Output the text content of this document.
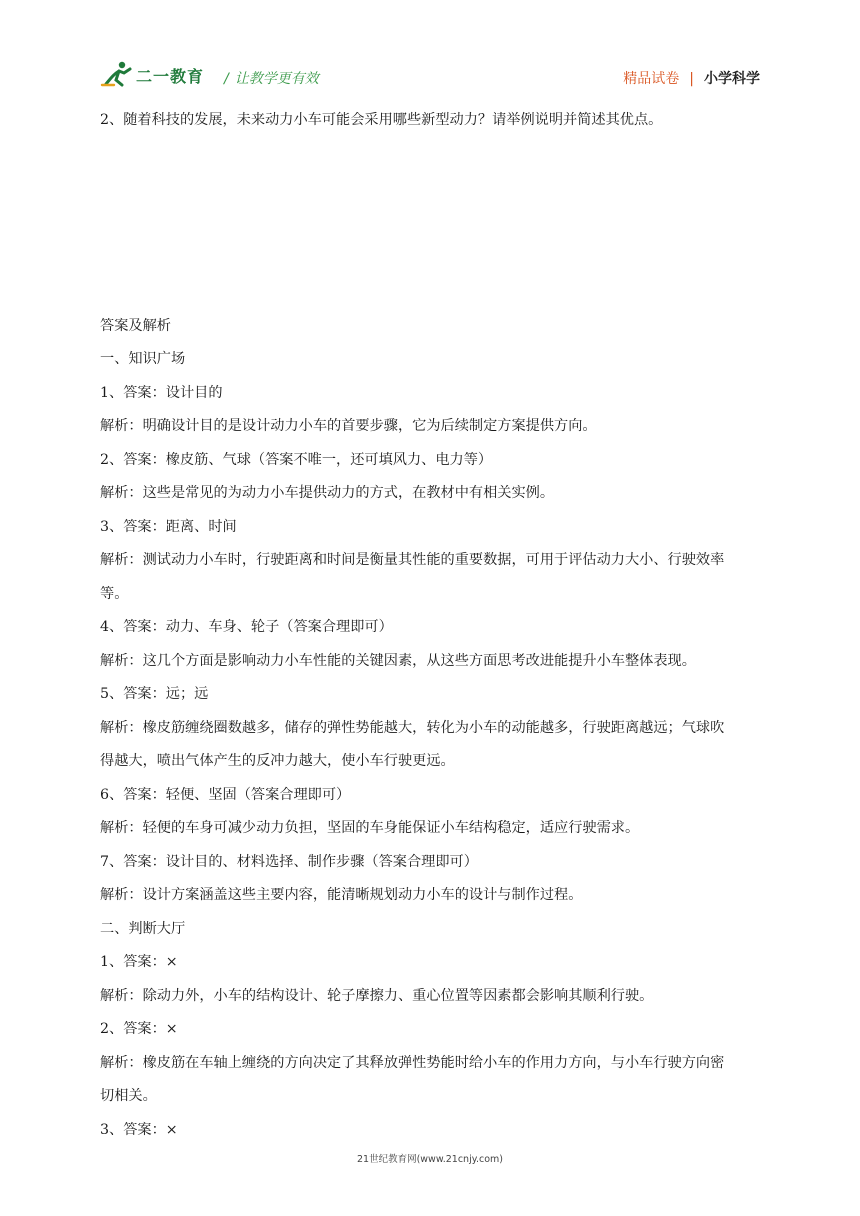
二一教育 / 让教学更有效	精品试卷 | 小学科学

2、随着科技的发展，未来动力小车可能会采用哪些新型动力？请举例说明并简述其优点。

答案及解析

一、知识广场

1、答案：设计目的

解析：明确设计目的是设计动力小车的首要步骤，它为后续制定方案提供方向。

2、答案：橡皮筋、气球（答案不唯一，还可填风力、电力等）

解析：这些是常见的为动力小车提供动力的方式，在教材中有相关实例。

3、答案：距离、时间

解析：测试动力小车时，行驶距离和时间是衡量其性能的重要数据，可用于评估动力大小、行驶效率

等。

4、答案：动力、车身、轮子（答案合理即可）

解析：这几个方面是影响动力小车性能的关键因素，从这些方面思考改进能提升小车整体表现。

5、答案：远；远

解析：橡皮筋缠绕圈数越多，储存的弹性势能越大，转化为小车的动能越多，行驶距离越远；气球吹

得越大，喷出气体产生的反冲力越大，使小车行驶更远。

6、答案：轻便、坚固（答案合理即可）

解析：轻便的车身可减少动力负担，坚固的车身能保证小车结构稳定，适应行驶需求。

7、答案：设计目的、材料选择、制作步骤（答案合理即可）

解析：设计方案涵盖这些主要内容，能清晰规划动力小车的设计与制作过程。

二、判断大厅

1、答案：×

解析：除动力外，小车的结构设计、轮子摩擦力、重心位置等因素都会影响其顺利行驶。

2、答案：×

解析：橡皮筋在车轴上缠绕的方向决定了其释放弹性势能时给小车的作用力方向，与小车行驶方向密

切相关。

3、答案：×

21世纪教育网(www.21cnjy.com)
